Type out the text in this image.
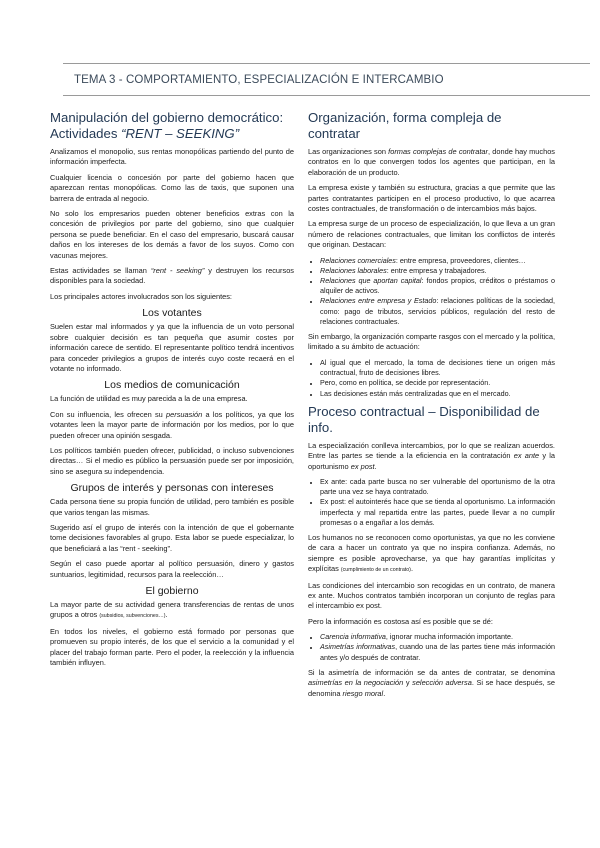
TEMA 3 - COMPORTAMIENTO, ESPECIALIZACIÓN E INTERCAMBIO
Manipulación del gobierno democrático:
Actividades “RENT – SEEKING”

Analizamos el monopolio, sus rentas monopólicas partiendo del punto de información imperfecta.

Cualquier licencia o concesión por parte del gobierno hacen que aparezcan rentas monopólicas. Como las de taxis, que suponen una barrera de entrada al negocio.

No solo los empresarios pueden obtener beneficios extras con la concesión de privilegios por parte del gobierno, sino que cualquier persona se puede beneficiar. En el caso del empresario, buscará causar daños en los intereses de los demás a favor de los suyos. Como con vacunas mejores.

Estas actividades se llaman “rent - seeking” y destruyen los recursos disponibles para la sociedad.

Los principales actores involucrados son los siguientes:

Los votantes

Suelen estar mal informados y ya que la influencia de un voto personal sobre cualquier decisión es tan pequeña que asumir costes por información carece de sentido. El representante político tendrá incentivos para conceder privilegios a grupos de interés cuyo coste recaerá en el votante no informado.

Los medios de comunicación

La función de utilidad es muy parecida a la de una empresa.

Con su influencia, les ofrecen su persuasión a los políticos, ya que los votantes leen la mayor parte de información por los medios, por lo que pueden ofrecer una opinión sesgada.

Los políticos también pueden ofrecer, publicidad, o incluso subvenciones directas… Si el medio es público la persuasión puede ser por imposición, sino se asegura su independencia.

Grupos de interés y personas con intereses

Cada persona tiene su propia función de utilidad, pero también es posible que varios tengan las mismas.

Sugerido así el grupo de interés con la intención de que el gobernante tome decisiones favorables al grupo. Esta labor se puede especializar, lo que beneficiará a las “rent - seeking”.

Según el caso puede aportar al político persuasión, dinero y gastos suntuarios, legitimidad, recursos para la reelección…

El gobierno

La mayor parte de su actividad genera transferencias de rentas de unos grupos a otros (subsidios, subvenciones…).

En todos los niveles, el gobierno está formado por personas que promueven su propio interés, de los que el servicio a la comunidad y el placer del trabajo forman parte. Pero el poder, la reelección y la influencia también influyen.

Organización, forma compleja de contratar

Las organizaciones son formas complejas de contratar, donde hay muchos contratos en lo que convergen todos los agentes que participan, en la elaboración de un producto.

La empresa existe y también su estructura, gracias a que permite que las partes contratantes participen en el proceso productivo, lo que acarrea costes contractuales, de transformación o de intercambios más bajos.

La empresa surge de un proceso de especialización, lo que lleva a un gran número de relaciones contractuales, que limitan los conflictos de interés que originan. Destacan:

• Relaciones comerciales: entre empresa, proveedores, clientes…
• Relaciones laborales: entre empresa y trabajadores.
• Relaciones que aportan capital: fondos propios, créditos o préstamos o alquiler de activos.
• Relaciones entre empresa y Estado: relaciones políticas de la sociedad, como: pago de tributos, servicios públicos, regulación del resto de relaciones contractuales.

Sin embargo, la organización comparte rasgos con el mercado y la política, limitado a su ámbito de actuación:

• Al igual que el mercado, la toma de decisiones tiene un origen más contractual, fruto de decisiones libres.
• Pero, como en política, se decide por representación.
• Las decisiones están más centralizadas que en el mercado.
Proceso contractual – Disponibilidad de info.

La especialización conlleva intercambios, por lo que se realizan acuerdos. Entre las partes se tiende a la eficiencia en la contratación ex ante y la oportunismo ex post.

• Ex ante: cada parte busca no ser vulnerable del oportunismo de la otra parte una vez se haya contratado.
• Ex post: el autointerés hace que se tienda al oportunismo. La información imperfecta y mal repartida entre las partes, puede llevar a no cumplir promesas o a engañar a los demás.

Los humanos no se reconocen como oportunistas, ya que no les conviene de cara a hacer un contrato ya que no inspira confianza. Además, no siempre es posible aprovecharse, ya que hay garantías implícitas y explícitas (cumplimiento de un contrato).

Las condiciones del intercambio son recogidas en un contrato, de manera ex ante. Muchos contratos también incorporan un conjunto de reglas para el intercambio ex post.

Pero la información es costosa así es posible que se dé:

• Carencia informativa, ignorar mucha información importante.
• Asimetrías informativas, cuando una de las partes tiene más información antes y/o después de contratar.

Si la asimetría de información se da antes de contratar, se denomina asimetrías en la negociación y selección adversa. Si se hace después, se denomina riesgo moral.
